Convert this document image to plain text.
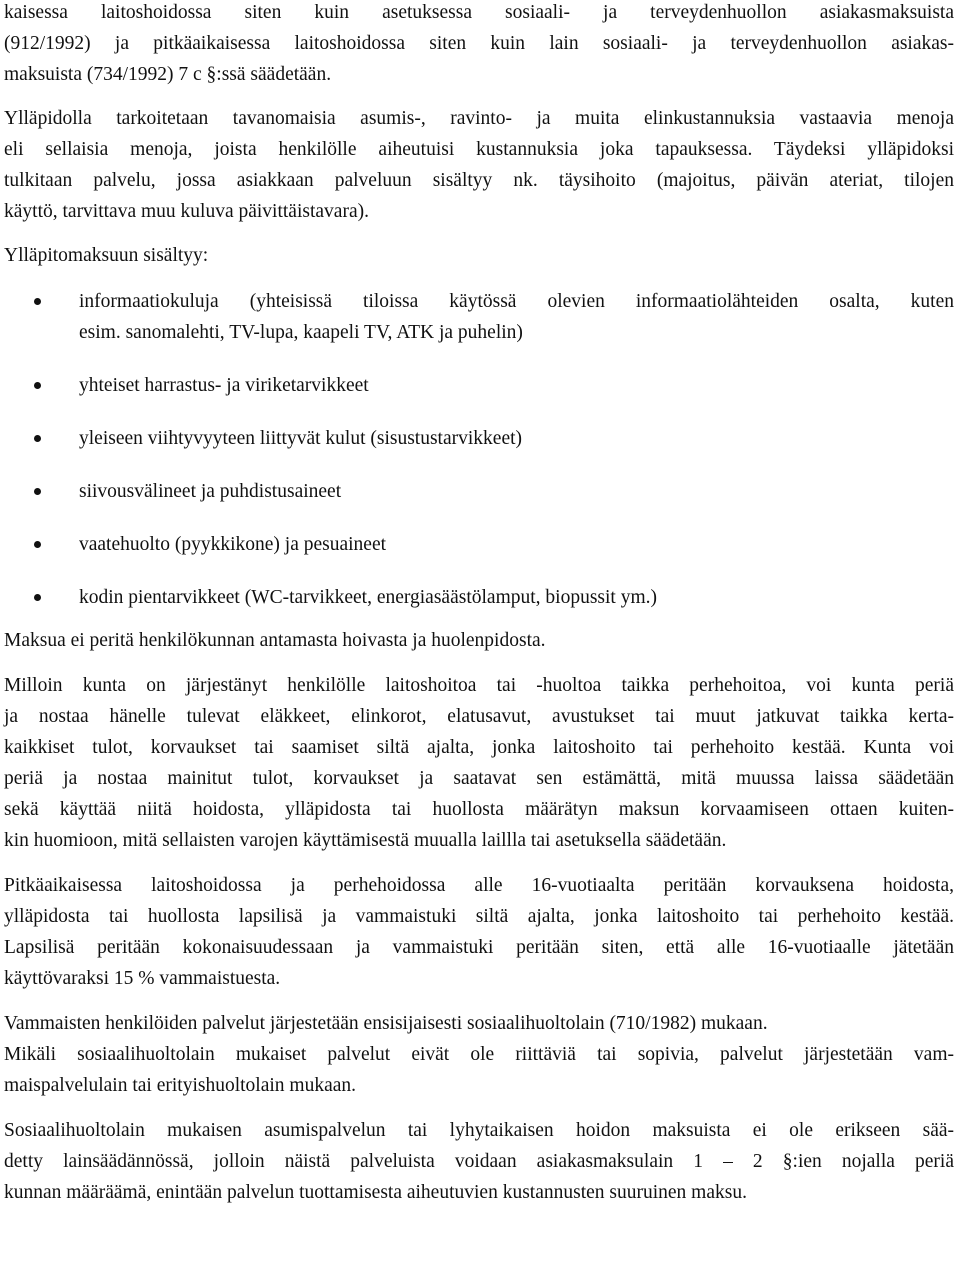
kaisessa laitoshoidossa siten kuin asetuksessa sosiaali- ja terveydenhuollon asiakasmaksuista
(912/1992) ja pitkäaikaisessa laitoshoidossa siten kuin lain sosiaali- ja terveydenhuollon asiakas-
maksuista (734/1992) 7 c §:ssä säädetään.

Ylläpidolla tarkoitetaan tavanomaisia asumis-, ravinto- ja muita elinkustannuksia vastaavia menoja
eli sellaisia menoja, joista henkilölle aiheutuisi kustannuksia joka tapauksessa. Täydeksi ylläpidoksi
tulkitaan palvelu, jossa asiakkaan palveluun sisältyy nk. täysihoito (majoitus, päivän ateriat, tilojen
käyttö, tarvittava muu kuluva päivittäistavara).

Ylläpitomaksuun sisältyy:

informaatiokuluja (yhteisissä tiloissa käytössä olevien informaatiolähteiden osalta, kuten
esim. sanomalehti, TV-lupa, kaapeli TV, ATK ja puhelin)
yhteiset harrastus- ja viriketarvikkeet
yleiseen viihtyvyyteen liittyvät kulut (sisustustarvikkeet)
siivousvälineet ja puhdistusaineet
vaatehuolto (pyykkikone) ja pesuaineet
kodin pientarvikkeet (WC-tarvikkeet, energiasäästölamput, biopussit ym.)

Maksua ei peritä henkilökunnan antamasta hoivasta ja huolenpidosta.

Milloin kunta on järjestänyt henkilölle laitoshoitoa tai -huoltoa taikka perhehoitoa, voi kunta periä
ja nostaa hänelle tulevat eläkkeet, elinkorot, elatusavut, avustukset tai muut jatkuvat taikka kerta-
kaikkiset tulot, korvaukset tai saamiset siltä ajalta, jonka laitoshoito tai perhehoito kestää. Kunta voi
periä ja nostaa mainitut tulot, korvaukset ja saatavat sen estämättä, mitä muussa laissa säädetään
sekä käyttää niitä hoidosta, ylläpidosta tai huollosta määrätyn maksun korvaamiseen ottaen kuiten-
kin huomioon, mitä sellaisten varojen käyttämisestä muualla laillla tai asetuksella säädetään.

Pitkäaikaisessa laitoshoidossa ja perhehoidossa alle 16-vuotiaalta peritään korvauksena hoidosta,
ylläpidosta tai huollosta lapsilisä ja vammaistuki siltä ajalta, jonka laitoshoito tai perhehoito kestää.
Lapsilisä peritään kokonaisuudessaan ja vammaistuki peritään siten, että alle 16-vuotiaalle jätetään
käyttövaraksi 15 % vammaistuesta.

Vammaisten henkilöiden palvelut järjestetään ensisijaisesti sosiaalihuoltolain (710/1982) mukaan.
Mikäli sosiaalihuoltolain mukaiset palvelut eivät ole riittäviä tai sopivia, palvelut järjestetään vam-
maispalvelulain tai erityishuoltolain mukaan.

Sosiaalihuoltolain mukaisen asumispalvelun tai lyhytaikaisen hoidon maksuista ei ole erikseen sää-
detty lainsäädännössä, jolloin näistä palveluista voidaan asiakasmaksulain 1 – 2 §:ien nojalla periä
kunnan määräämä, enintään palvelun tuottamisesta aiheutuvien kustannusten suuruinen maksu.
